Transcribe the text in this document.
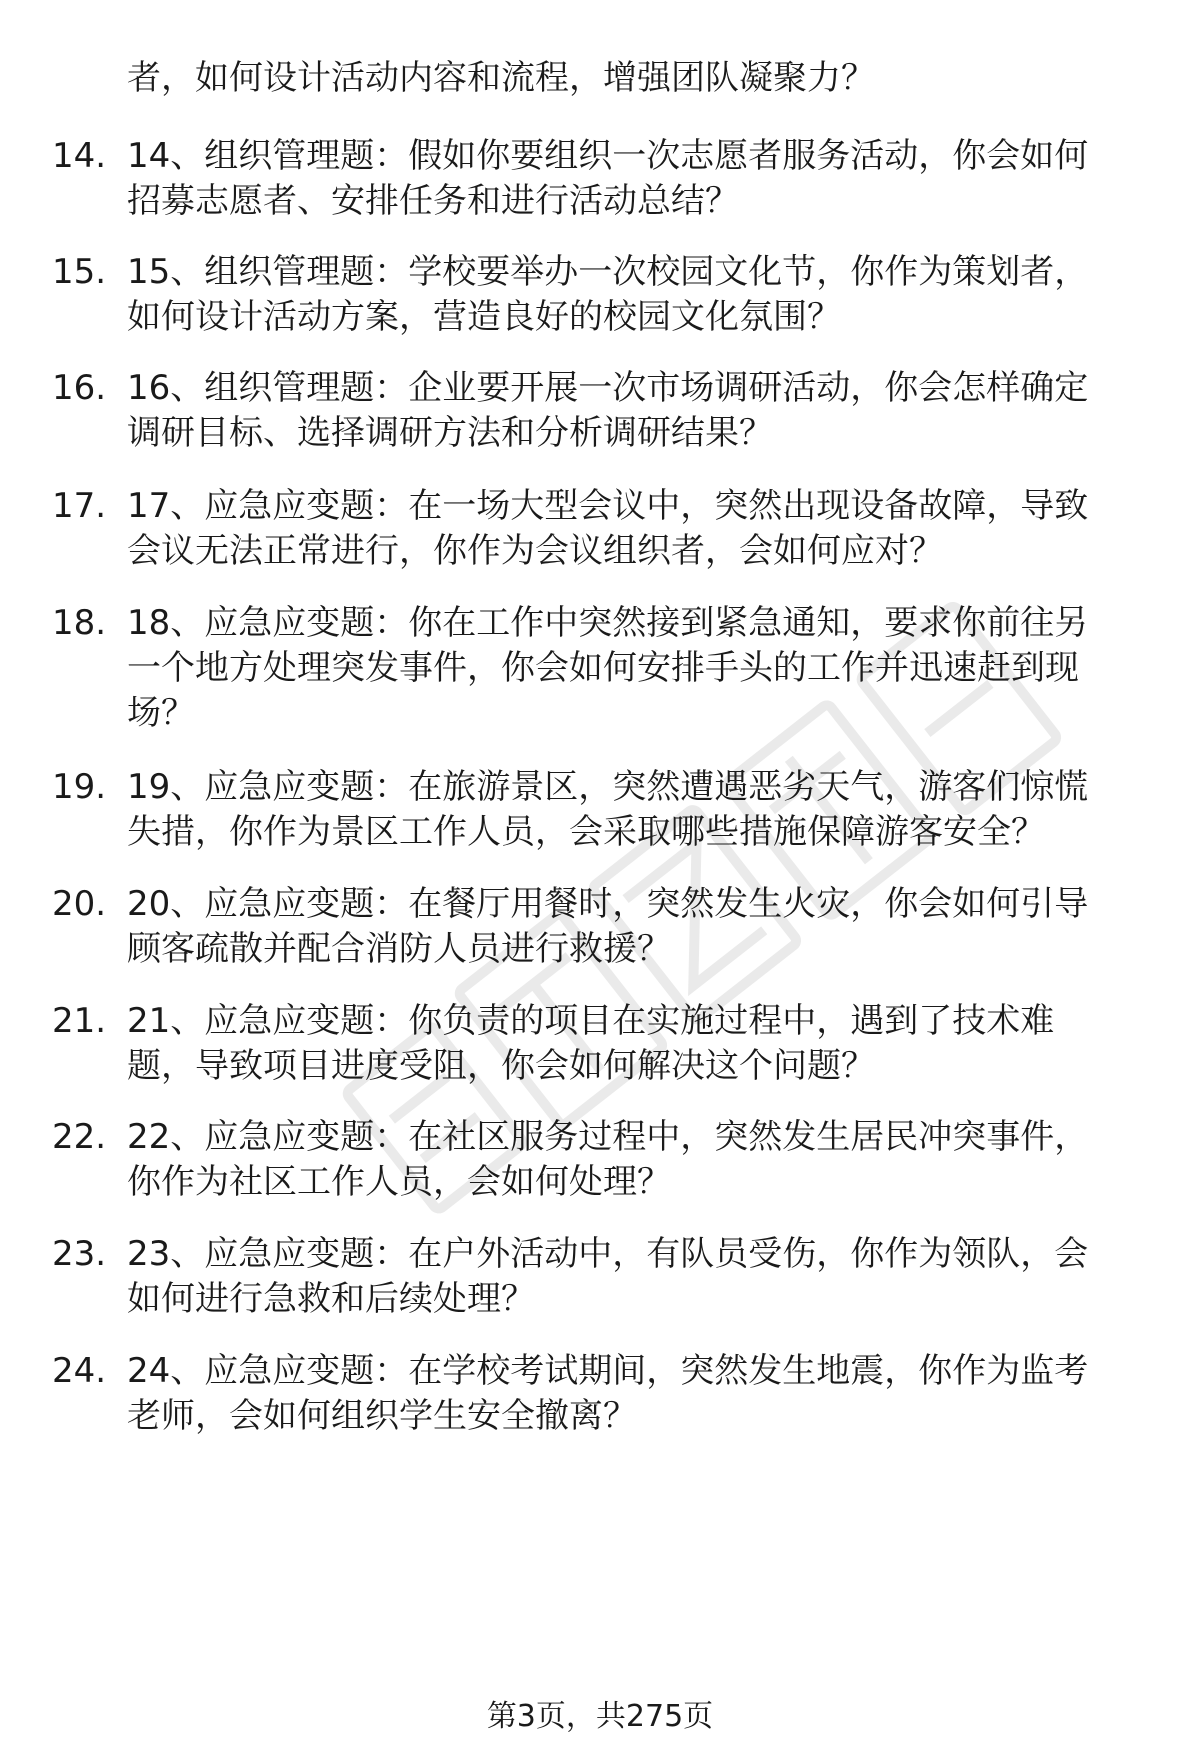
者，如何设计活动内容和流程，增强团队凝聚力？
14. 14、组织管理题：假如你要组织一次志愿者服务活动，你会如何
招募志愿者、安排任务和进行活动总结？
15. 15、组织管理题：学校要举办一次校园文化节，你作为策划者，
如何设计活动方案，营造良好的校园文化氛围？
16. 16、组织管理题：企业要开展一次市场调研活动，你会怎样确定
调研目标、选择调研方法和分析调研结果？
17. 17、应急应变题：在一场大型会议中，突然出现设备故障，导致
会议无法正常进行，你作为会议组织者，会如何应对？
18. 18、应急应变题：你在工作中突然接到紧急通知，要求你前往另
一个地方处理突发事件，你会如何安排手头的工作并迅速赶到现
场？
19. 19、应急应变题：在旅游景区，突然遭遇恶劣天气，游客们惊慌
失措，你作为景区工作人员，会采取哪些措施保障游客安全？
20. 20、应急应变题：在餐厅用餐时，突然发生火灾，你会如何引导
顾客疏散并配合消防人员进行救援？
21. 21、应急应变题：你负责的项目在实施过程中，遇到了技术难
题，导致项目进度受阻，你会如何解决这个问题？
22. 22、应急应变题：在社区服务过程中，突然发生居民冲突事件，
你作为社区工作人员，会如何处理？
23. 23、应急应变题：在户外活动中，有队员受伤，你作为领队，会
如何进行急救和后续处理？
24. 24、应急应变题：在学校考试期间，突然发生地震，你作为监考
老师，会如何组织学生安全撤离？
第3页，共275页
